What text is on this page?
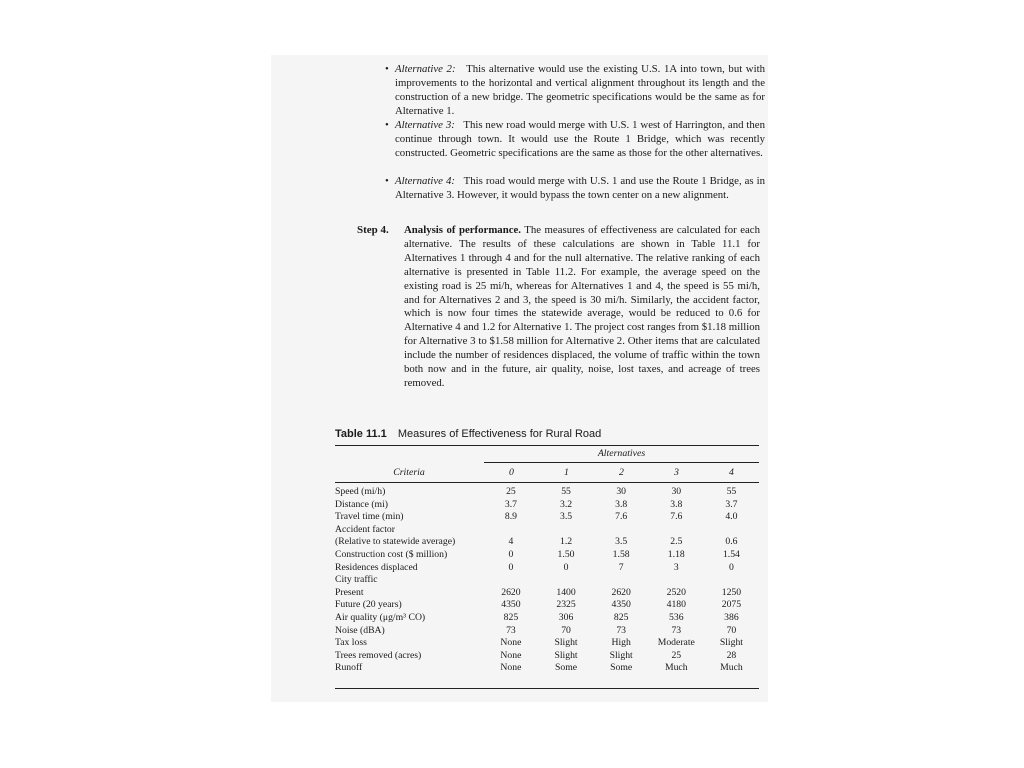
• Alternative 2: This alternative would use the existing U.S. 1A into town, but with improvements to the horizontal and vertical alignment throughout its length and the construction of a new bridge. The geometric specifications would be the same as for Alternative 1.
• Alternative 3: This new road would merge with U.S. 1 west of Harrington, and then continue through town. It would use the Route 1 Bridge, which was recently constructed. Geometric specifications are the same as those for the other alternatives.
• Alternative 4: This road would merge with U.S. 1 and use the Route 1 Bridge, as in Alternative 3. However, it would bypass the town center on a new alignment.
Step 4. Analysis of performance. The measures of effectiveness are calculated for each alternative. The results of these calculations are shown in Table 11.1 for Alternatives 1 through 4 and for the null alternative. The relative ranking of each alternative is presented in Table 11.2. For example, the average speed on the existing road is 25 mi/h, whereas for Alternatives 1 and 4, the speed is 55 mi/h, and for Alternatives 2 and 3, the speed is 30 mi/h. Similarly, the accident factor, which is now four times the statewide average, would be reduced to 0.6 for Alternative 4 and 1.2 for Alternative 1. The project cost ranges from $1.18 million for Alternative 3 to $1.58 million for Alternative 2. Other items that are calculated include the number of residences displaced, the volume of traffic within the town both now and in the future, air quality, noise, lost taxes, and acreage of trees removed.
Table 11.1 Measures of Effectiveness for Rural Road
Alternatives
Criteria	0	1	2	3	4
Speed (mi/h)	25	55	30	30	55
Distance (mi)	3.7	3.2	3.8	3.8	3.7
Travel time (min)	8.9	3.5	7.6	7.6	4.0
Accident factor					
(Relative to statewide average)	4	1.2	3.5	2.5	0.6
Construction cost ($ million)	0	1.50	1.58	1.18	1.54
Residences displaced	0	0	7	3	0
City traffic					
Present	2620	1400	2620	2520	1250
Future (20 years)	4350	2325	4350	4180	2075
Air quality (μg/m³ CO)	825	306	825	536	386
Noise (dBA)	73	70	73	73	70
Tax loss	None	Slight	High	Moderate	Slight
Trees removed (acres)	None	Slight	Slight	25	28
Runoff	None	Some	Some	Much	Much
